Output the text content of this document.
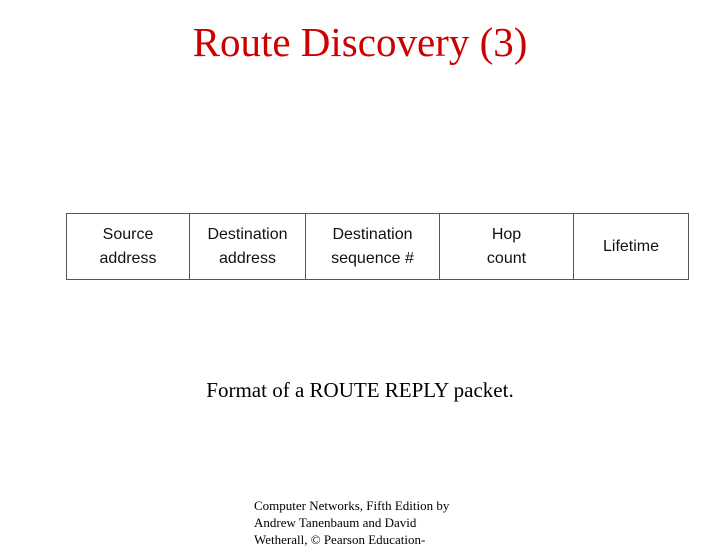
Route Discovery (3)
Source
address
Destination
address
Destination
sequence #
Hop
count
Lifetime
Format of a ROUTE REPLY packet.
Computer Networks, Fifth Edition by
Andrew Tanenbaum and David
Wetherall, © Pearson Education-
